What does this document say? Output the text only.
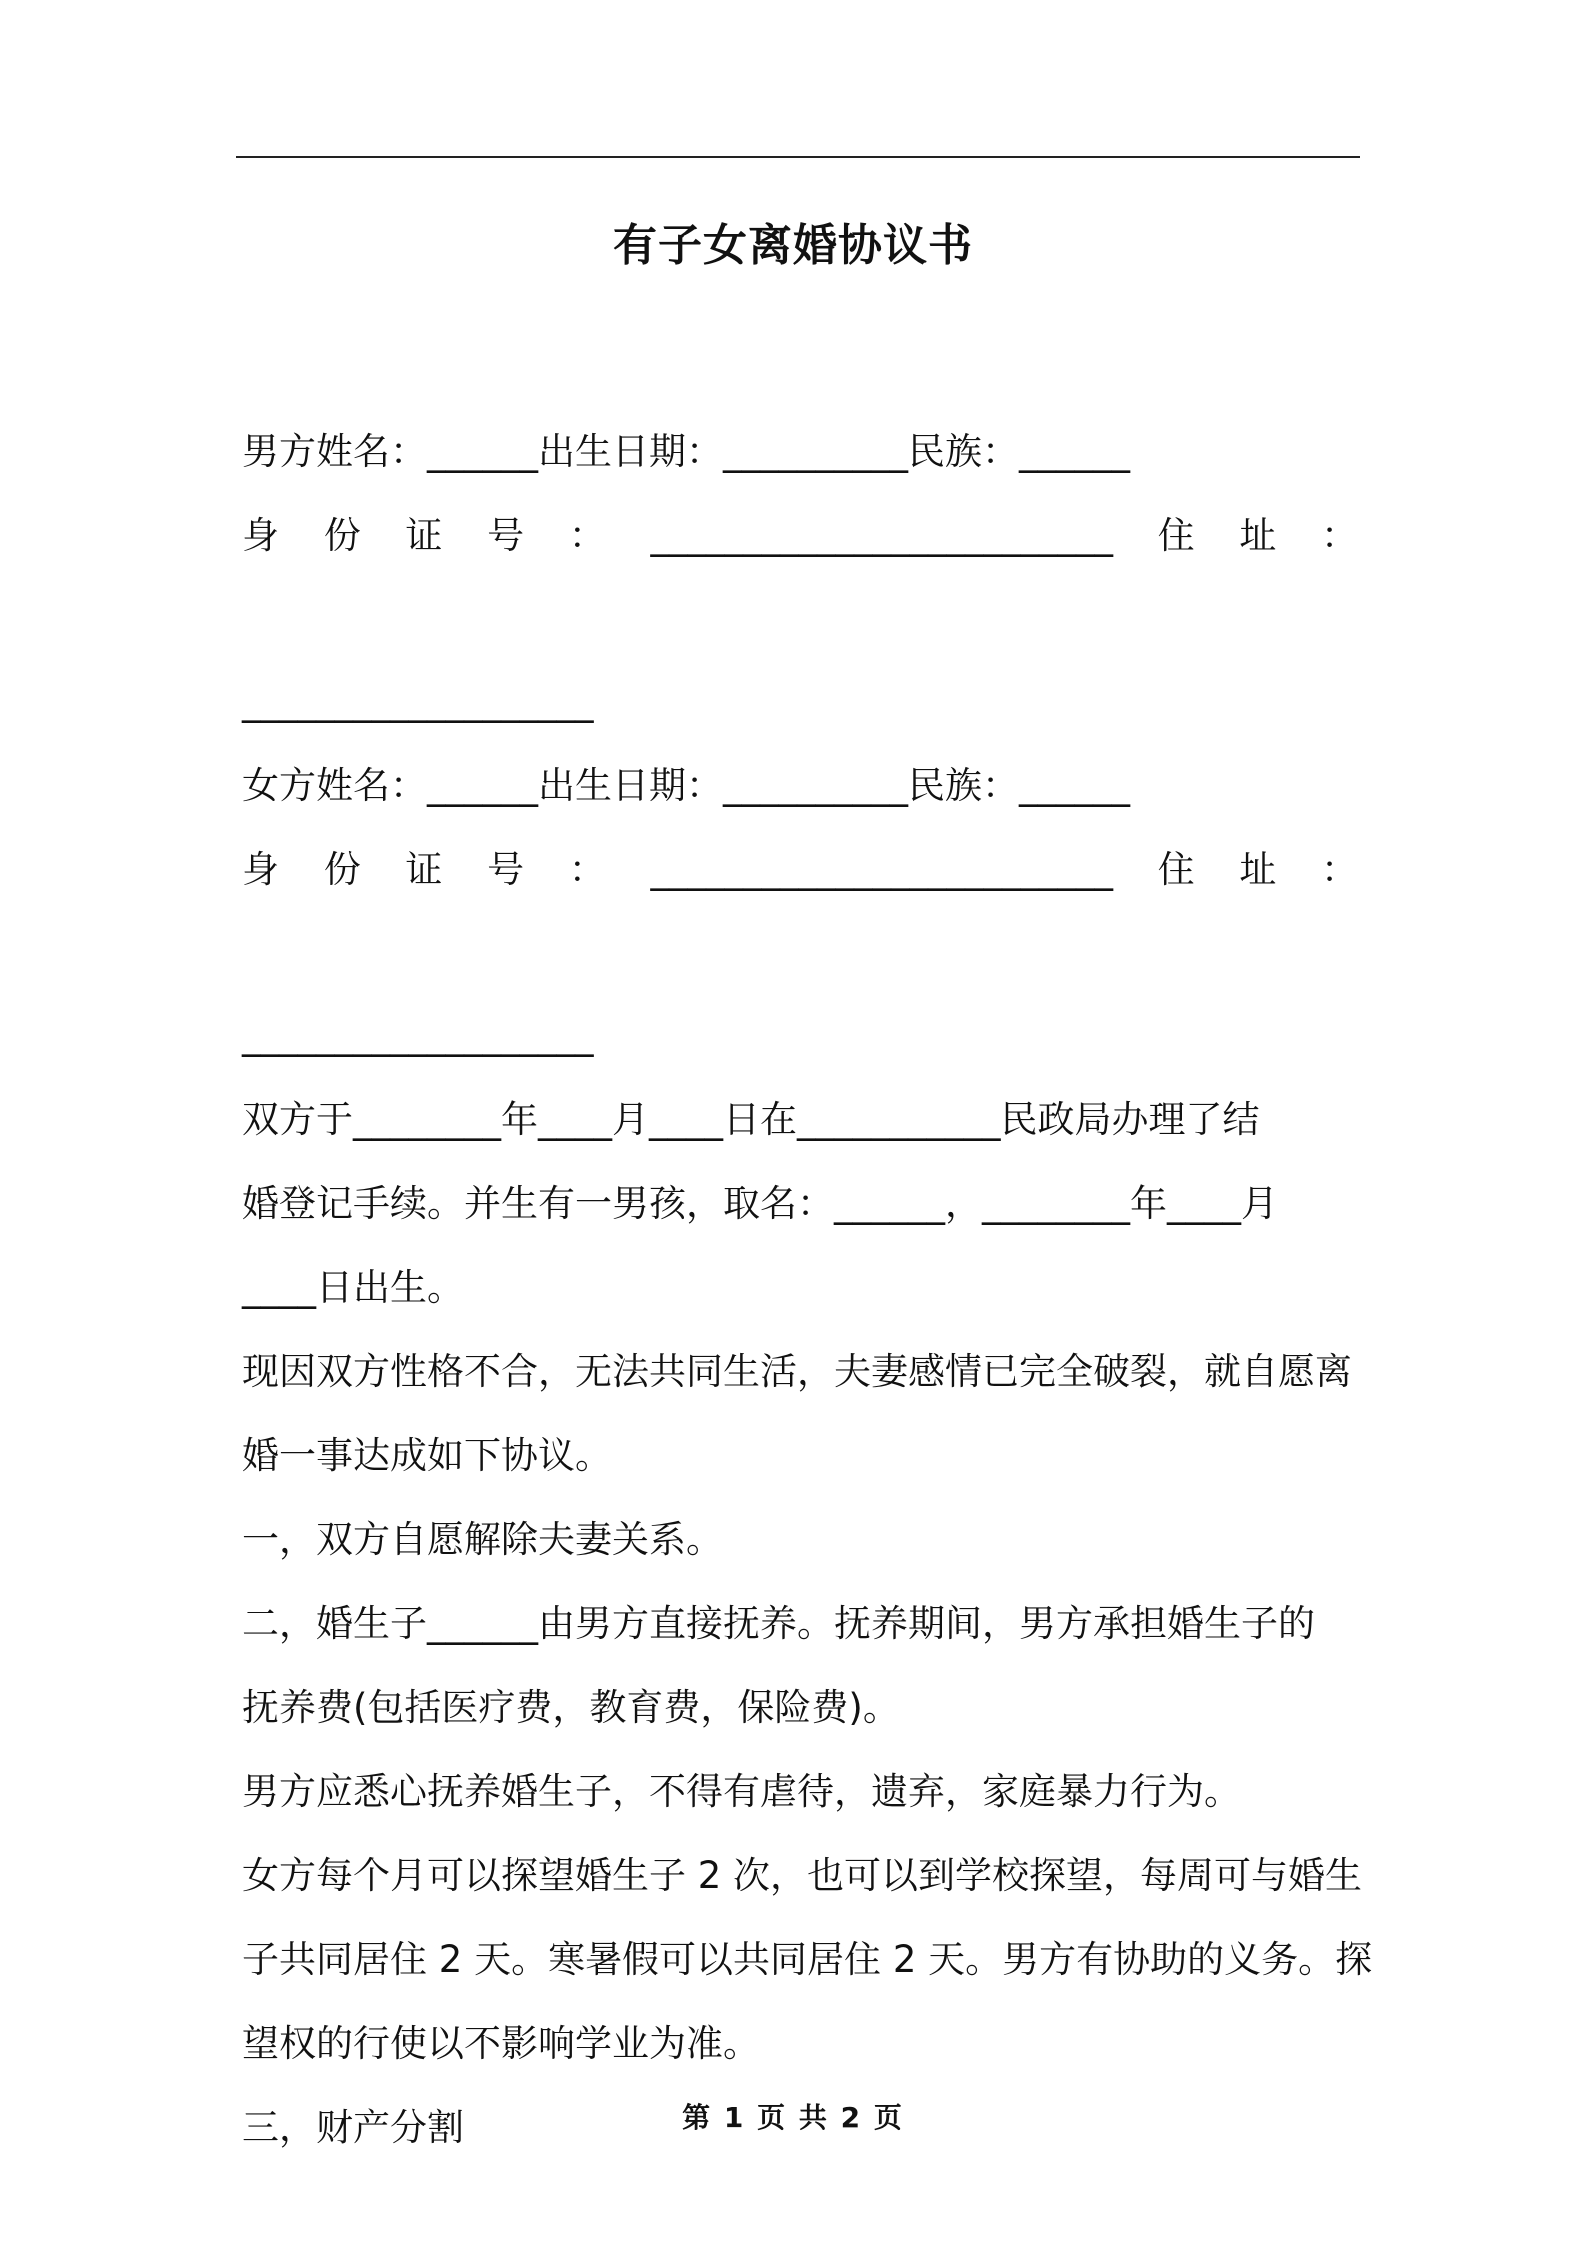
有子女离婚协议书

男方姓名：______出生日期：__________民族：______

身 份 证 号 ： _________________________ 住 址 ：

___________________

女方姓名：______出生日期：__________民族：______

身 份 证 号 ： _________________________ 住 址 ：

___________________

双方于________年____月____日在___________民政局办理了结

婚登记手续。并生有一男孩，取名：______，________年____月

____日出生。

现因双方性格不合，无法共同生活，夫妻感情已完全破裂，就自愿离

婚一事达成如下协议。

一，双方自愿解除夫妻关系。

二，婚生子______由男方直接抚养。抚养期间，男方承担婚生子的

抚养费(包括医疗费，教育费，保险费)。

男方应悉心抚养婚生子，不得有虐待，遗弃，家庭暴力行为。

女方每个月可以探望婚生子 2 次，也可以到学校探望，每周可与婚生

子共同居住 2 天。寒暑假可以共同居住 2 天。男方有协助的义务。探

望权的行使以不影响学业为准。

三，财产分割	第 1 页 共 2 页
